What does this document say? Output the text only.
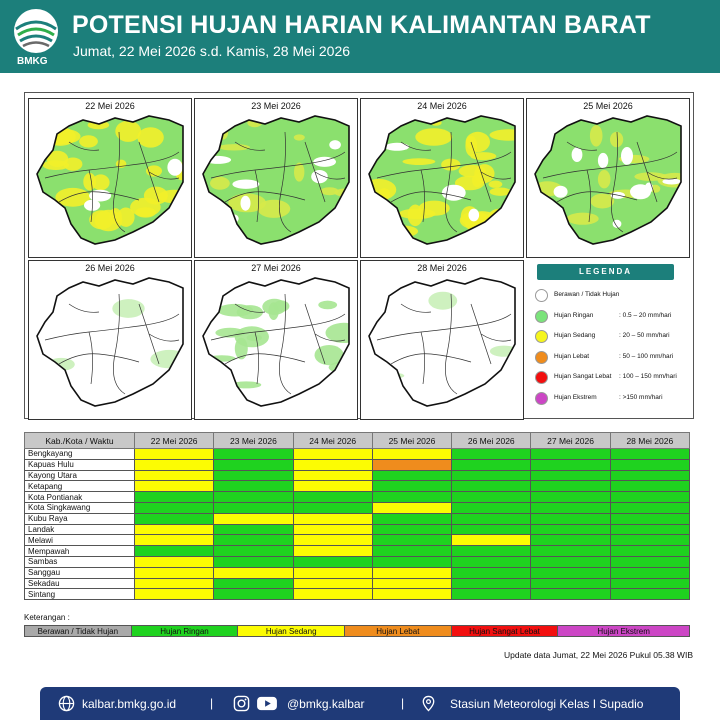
BMKG
POTENSI HUJAN HARIAN KALIMANTAN BARAT
Jumat, 22 Mei 2026 s.d. Kamis, 28 Mei 2026
22 Mei 2026	23 Mei 2026	24 Mei 2026	25 Mei 2026
26 Mei 2026	27 Mei 2026	28 Mei 2026	LEGENDA
Berawan / Tidak Hujan
Hujan Ringan	: 0.5 – 20 mm/hari
Hujan Sedang	: 20 – 50 mm/hari
Hujan Lebat	: 50 – 100 mm/hari
Hujan Sangat Lebat : 100 – 150 mm/hari
Hujan Ekstrem	: >150 mm/hari
Kab./Kota / Waktu	22 Mei 2026	23 Mei 2026	24 Mei 2026	25 Mei 2026	26 Mei 2026	27 Mei 2026	28 Mei 2026
Bengkayang							
Kapuas Hulu							
Kayong Utara							
Ketapang							
Kota Pontianak							
Kota Singkawang							
Kubu Raya							
Landak							
Melawi							
Mempawah							
Sambas							
Sanggau							
Sekadau							
Sintang							
Keterangan :
Berawan / Tidak Hujan	Hujan Ringan	Hujan Sedang	Hujan Lebat	Hujan Sangat Lebat	Hujan Ekstrem
Update data Jumat, 22 Mei 2026 Pukul 05.38 WIB
kalbar.bmkg.go.id	|	@bmkg.kalbar	|	Stasiun Meteorologi Kelas I Supadio
